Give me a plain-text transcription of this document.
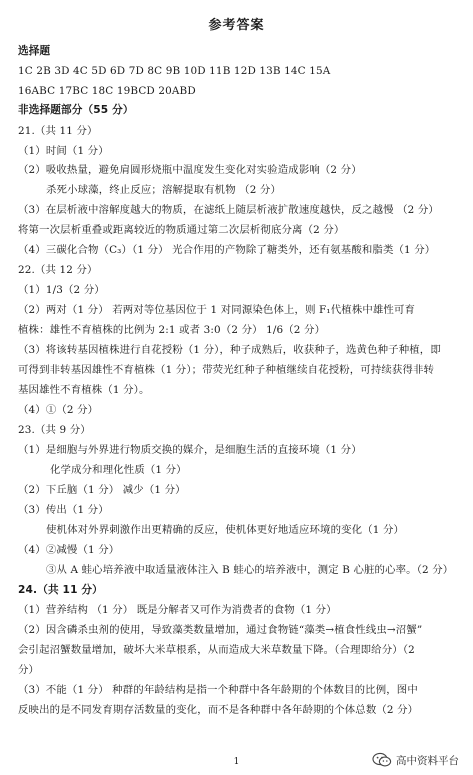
参考答案
选择题
1C 2B 3D 4C 5D 6D 7D 8C 9B 10D 11B 12D 13B 14C 15A
16ABC 17BC 18C 19BCD 20ABD
非选择题部分（55 分）
21.（共 11 分）
（1）时间（1 分）
（2）吸收热量，避免肩圆形烧瓶中温度发生变化对实验造成影响（2 分）
杀死小球藻，终止反应；溶解提取有机物 （2 分）
（3）在层析液中溶解度越大的物质，在滤纸上随层析液扩散速度越快，反之越慢 （2 分）
将第一次层析重叠或距离较近的物质通过第二次层析彻底分离（2 分）
（4）三碳化合物（C₃）（1 分） 光合作用的产物除了糖类外，还有氨基酸和脂类（1 分）
22.（共 12 分）
（1）1/3（2 分）
（2）两对（1 分） 若两对等位基因位于 1 对同源染色体上，则 F₁代植株中雄性可育
植株：雄性不育植株的比例为 2:1 或者 3:0（2 分） 1/6（2 分）
（3）将该转基因植株进行自花授粉（1 分），种子成熟后，收获种子，选黄色种子种植，即
可得到非转基因雄性不育植株（1 分）；带荧光红种子种植继续自花授粉，可持续获得非转
基因雄性不育植株（1 分）。
（4）①（2 分）
23.（共 9 分）
（1）是细胞与外界进行物质交换的媒介，是细胞生活的直接环境（1 分）
化学成分和理化性质（1 分）
（2）下丘脑（1 分） 减少（1 分）
（3）传出（1 分）
使机体对外界刺激作出更精确的反应，使机体更好地适应环境的变化（1 分）
（4）②减慢（1 分）
③从 A 蛙心培养液中取适量液体注入 B 蛙心的培养液中，测定 B 心脏的心率。（2 分）
24.（共 11 分）
（1）营养结构 （1 分） 既是分解者又可作为消费者的食物（1 分）
（2）因含磷杀虫剂的使用，导致藻类数量增加，通过食物链“藻类→植食性线虫→沼蟹”
会引起沼蟹数量增加，破坏大米草根系，从而造成大米草数量下降。（合理即给分）（2
分）
（3）不能（1 分） 种群的年龄结构是指一个种群中各年龄期的个体数目的比例，图中
反映出的是不同发育期存活数量的变化，而不是各种群中各年龄期的个体总数（2 分）
1	高中资料平台
